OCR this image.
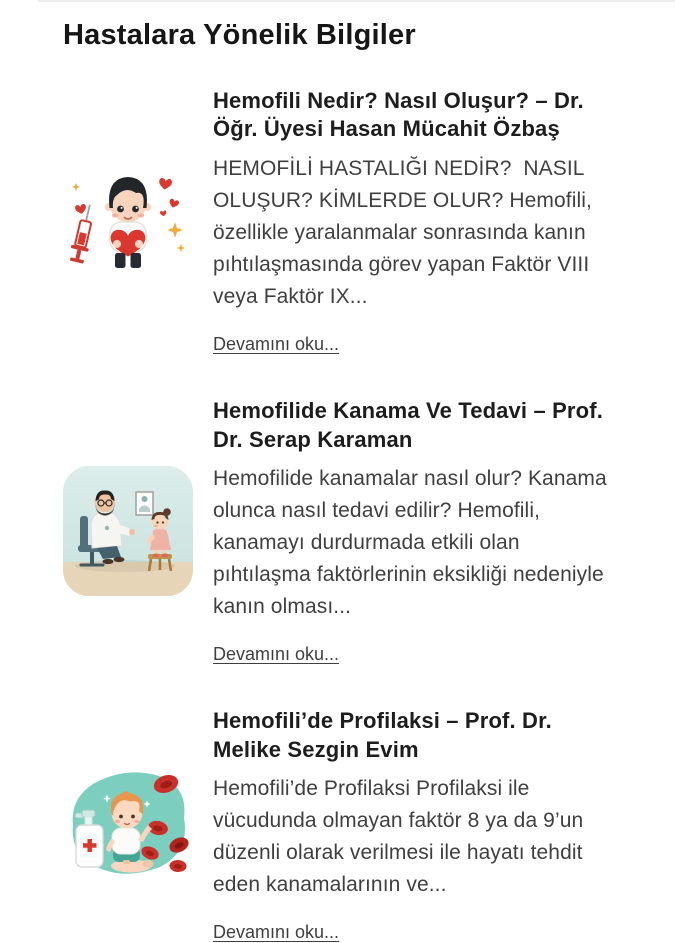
Hastalara Yönelik Bilgiler
Hemofili Nedir? Nasıl Oluşur? – Dr. Öğr. Üyesi Hasan Mücahit Özbaş

HEMOFİLİ HASTALIĞI NEDİR?  NASIL OLUŞUR? KİMLERDE OLUR? Hemofili, özellikle yaralanmalar sonrasında kanın pıhtılaşmasında görev yapan Faktör VIII veya Faktör IX...

Devamını oku...
Hemofilide Kanama Ve Tedavi – Prof. Dr. Serap Karaman

Hemofilide kanamalar nasıl olur? Kanama olunca nasıl tedavi edilir? Hemofili, kanamayı durdurmada etkili olan pıhtılaşma faktörlerinin eksikliği nedeniyle kanın olması...

Devamını oku...
Hemofili’de Profilaksi – Prof. Dr. Melike Sezgin Evim

Hemofili’de Profilaksi Profilaksi ile vücudunda olmayan faktör 8 ya da 9’un düzenli olarak verilmesi ile hayatı tehdit eden kanamalarının ve...

Devamını oku...
